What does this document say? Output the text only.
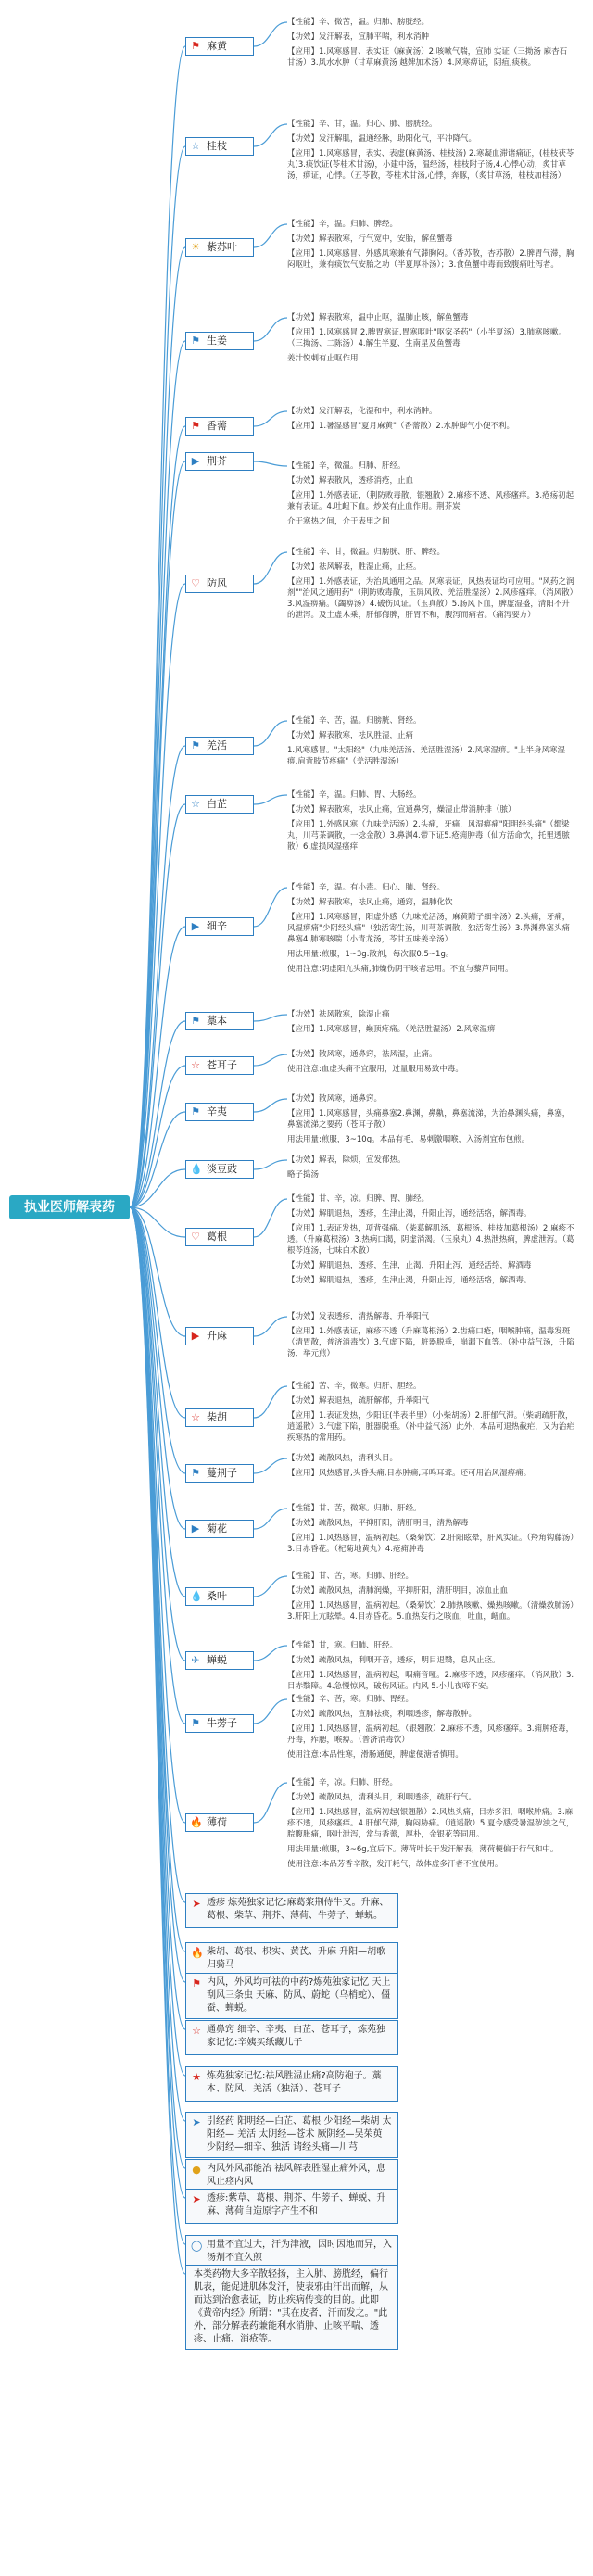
执业医师解表药
⚑ 麻黄

【性能】辛、微苦，温。归肺、膀胱经。

【功效】发汗解表，宣肺平喘，利水消肿

【应用】1.风寒感冒、表实证（麻黄汤）2.咳嗽气喘，宣肺 实证（三拗汤 麻杏石甘汤）3.风水水肿（甘草麻黄汤 越婢加术汤）4.风寒痹证，阴疽,痰核。

☆ 桂枝

【性能】辛、甘，温。归心、肺、膀胱经。

【功效】发汗解肌，温通经脉，助阳化气，平冲降气。

【应用】1.风寒感冒，表实、表虚(麻黄汤、桂枝汤) 2.寒凝血滞诸痛证，(桂枝茯苓丸)3.痰饮证(苓桂术甘汤)，小建中汤，温经汤，桂枝附子汤,4.心悸心动，炙甘草汤，痹证，心悸。（五苓散，苓桂术甘汤,心悸，奔豚，（炙甘草汤，桂枝加桂汤）

☀ 紫苏叶

【性能】辛，温。归肺、脾经。

【功效】解表散寒，行气宽中，安胎，解鱼蟹毒

【应用】1.风寒感冒、外感风寒兼有气滞胸闷。（香苏散，杏苏散）2.脾胃气滞，胸闷呕吐，兼有痰饮气安胎之功（半夏厚朴汤）；3.食鱼蟹中毒而致腹痛吐泻者。

⚑ 生姜

【功效】解表散寒，温中止呕，温肺止咳，解鱼蟹毒

【应用】1.风寒感冒 2.脾胃寒证,胃寒呕吐"呕家圣药"（小半夏汤）3.肺寒咳嗽。（三拗汤、二陈汤）4.解生半夏、生南星及鱼蟹毒

姜汁悦刺有止呕作用

⚑ 香薷

【功效】发汗解表，化湿和中，利水消肿。

【应用】1.暑湿感冒"夏月麻黄"（香薷散）2.水肿脚气小便不利。

▶ 荆芥	【性能】辛，微温。归肺、肝经。

【功效】解表散风，透疹消疮，止血

【应用】1.外感表证，（荆防败毒散、银翘散）2.麻疹不透、风疹瘙痒。3.疮疡初起兼有表证。4.吐衄下血。炒炭有止血作用。荆芥炭

介于寒热之间，介于表里之间

♡ 防风

【性能】辛、甘，微温。归膀胱、肝、脾经。

【功效】祛风解表，胜湿止痛，止痉。

【应用】1.外感表证，为治风通用之品。风寒表证，风热表证均可应用。"风药之润剂""治风之通用药"（荆防败毒散，玉屏风散、羌活胜湿汤）2.风疹瘙痒。（消风散）3.风湿痹痛。（蠲痹汤）4.破伤风证。（玉真散）5.肠风下血，脾虚湿盛，清阳不升的泄泻。及土虚木乘，肝郁侮脾，肝胃不和，腹泻而痛者。（痛泻要方）

⚑ 羌活

【性能】辛、苦，温。归膀胱、肾经。

【功效】解表散寒，祛风胜湿，止痛

1.风寒感冒。"太阳经"（九味羌活汤、羌活胜湿汤）2.风寒湿痹。"上半身风寒湿痹,肩背肢节疼痛"（羌活胜湿汤）

☆ 白芷

【性能】辛，温。归肺、胃、大肠经。

【功效】解表散寒，祛风止痛，宣通鼻窍，燥湿止带消肿排（脓）

【应用】1.外感风寒（九味羌活汤）2.头痛，牙痛，风湿痹痛"阳明经头痛"（都梁丸，川芎茶调散，一捻金散）3.鼻渊4.带下证5.疮痈肿毒（仙方活命饮，托里透脓散）6.虚损风湿瘙痒

▶ 细辛

【性能】辛，温。有小毒。归心、肺、肾经。

【功效】解表散寒，祛风止痛，通窍，温肺化饮

【应用】1.风寒感冒，阳虚外感（九味羌活汤，麻黄附子细辛汤）2.头痛，牙痛，风湿痹痛"少阴经头痛"（独活寄生汤，川芎茶调散，独活寄生汤）3.鼻渊鼻塞头痛鼻塞4.肺寒咳喘（小青龙汤，苓甘五味姜辛汤）

用法用量:煎服，1~3g.散剂，每次服0.5~1g。

使用注意:阴虚阳亢头痛,肺燥伤阴干咳者忌用。不宜与藜芦同用。

⚑ 藁本	【功效】祛风散寒，除湿止痛

【应用】1.风寒感冒，巅顶疼痛。（羌活胜湿汤）2.风寒湿痹

☆ 苍耳子

【功效】散风寒，通鼻窍，祛风湿，止痛。

使用注意:血虚头痛不宜服用，过量服用易致中毒。

⚑ 辛夷

【功效】散风寒，通鼻窍。

【应用】1.风寒感冒，头痛鼻塞2.鼻渊，鼻鼽，鼻塞流涕，为治鼻渊头痛，鼻塞，鼻塞流涕之要药（苍耳子散）

用法用量:煎服，3~10g。本品有毛，易刺激咽喉，入汤剂宜布包煎。

💧 淡豆豉

【功效】解表，除烦，宣发郁热。

略子捣汤

♡ 葛根

【性能】甘、辛，凉。归脾、胃、肺经。

【功效】解肌退热，透疹，生津止渴，升阳止泻，通经活络，解酒毒。

【应用】1.表证发热，项背强痛。（柴葛解肌汤、葛根汤、桂枝加葛根汤）2.麻疹不透。（升麻葛根汤）3.热病口渴，阴虚消渴。（玉泉丸）4.热泄热痢，脾虚泄泻。（葛根芩连汤，七味白术散）

【功效】解肌退热，透疹，生津，止渴，升阳止泻，通经活络，解酒毒

【功效】解肌退热，透疹，生津止渴，升阳止泻，通经活络，解酒毒。

▶ 升麻

【功效】发表透疹，清热解毒，升举阳气

【应用】1.外感表证，麻疹不透（升麻葛根汤）2.齿痛口疮，咽喉肿痛，温毒发斑（清胃散，普济消毒饮）3.气虚下陷，脏器脱垂，崩漏下血等。（补中益气汤，升陷汤，举元煎）

☆ 柴胡

【性能】苦、辛，微寒。归肝、胆经。

【功效】解表退热，疏肝解郁，升举阳气

【应用】1.表证发热，少阳证(半表半里）（小柴胡汤）2.肝郁气滞。（柴胡疏肝散，逍遥散）3.气虚下陷，脏器脱垂。（补中益气汤）此外，本品可退热截疟，又为治疟疾寒热的常用药。

⚑ 蔓荆子

【功效】疏散风热，清利头目。

【应用】风热感冒,头昏头痛,目赤肿痛,耳鸣耳聋。还可用治风湿痹痛。

▶ 菊花

【性能】甘、苦，微寒。归肺、肝经。

【功效】疏散风热，平抑肝阳，清肝明目，清热解毒

【应用】1.风热感冒，温病初起。（桑菊饮）2.肝阳眩晕，肝风实证。（羚角钩藤汤）3.目赤昏花。（杞菊地黄丸）4.疮痈肿毒

💧 桑叶

【性能】甘、苦，寒。归肺、肝经。

【功效】疏散风热，清肺润燥，平抑肝阳，清肝明目，凉血止血

【应用】1.风热感冒，温病初起。（桑菊饮）2.肺热咳嗽、燥热咳嗽。（清燥救肺汤）3.肝阳上亢眩晕。4.目赤昏花。5.血热妄行之咳血，吐血，衄血。

✈ 蝉蜕

【性能】甘，寒。归肺、肝经。

【功效】疏散风热，利咽开音，透疹，明目退翳，息风止痉。

【应用】1.风热感冒，温病初起，咽痛音哑。2.麻疹不透，风疹瘙痒。（消风散）3.目赤翳障。4.急慢惊风，破伤风证。内风 5.小儿夜啼不安。

⚑ 牛蒡子

【性能】辛、苦，寒。归肺、胃经。

【功效】疏散风热，宣肺祛痰，利咽透疹，解毒散肿。

【应用】1.风热感冒，温病初起。（银翘散）2.麻疹不透，风疹瘙痒。3.痈肿疮毒，丹毒，痄腮，喉痹。（普济消毒饮）

使用注意:本品性寒，滑肠通便，脾虚便溏者慎用。

🔥 薄荷

【性能】辛，凉。归肺、肝经。

【功效】疏散风热，清利头目，利咽透疹，疏肝行气。

【应用】1.风热感冒，温病初起(银翘散）2.风热头痛，目赤多泪，咽喉肿痛。3.麻疹不透，风疹瘙痒。4.肝郁气滞，胸闷胁痛。（逍遥散）5.夏令感受暑湿秽浊之气，脘腹胀痛，呕吐泄泻，常与香薷，厚朴，金银花等同用。

用法用量:煎服，3~6g,宜后下。薄荷叶长于发汗解表，薄荷梗偏于行气和中。

使用注意:本品芳香辛散，发汗耗气，故体虚多汗者不宜使用。

➤ 透疹 炼苑独家记忆:麻葛浆荆侍牛又。升麻、葛根、柴草、荆芥、薄荷、牛蒡子、蝉蜕。
🔥 柴胡、葛根、枳实、黄芪、升麻 升阳—胡歌归骑马
⚑ 内风，外风均可祛的中药?炼苑独家记忆 天上刮风三条虫 天麻、防风、蔚蛇（乌梢蛇）、僵蚕、蝉蜕。
☆ 通鼻窍 细辛、辛夷、白芷、苍耳子，炼苑独家记忆:辛姨买纸藏儿子
★ 炼苑独家记忆:祛风胜湿止痛?高防袍子。藁本、防风、羌活（独活）、苍耳子
➤ 引经药 阳明经—白芷、葛根 少阳经—柴胡 太阳经— 羌活 太阴经—苍术 厥阴经—吴茱萸 少阴经—细辛、独活 请经头痛—川芎
● 内风外风都能治 祛风解表胜湿止痛外风，息风止痉内风
➤ 透疹:紫草、葛根、荆芥、牛蒡子、蝉蜕、升麻、薄荷自造原字产生不和
◯ 用量不宜过大，汗为津液，因时因地而异，入汤剂不宜久煎
本类药物大多辛散轻扬，主入肺、膀胱经，偏行肌表，能促进肌体发汗，使表邪由汗出而解，从而达到治愈表证，防止疾病传变的目的。此即《黄帝内经》所谓："其在皮者，汗而发之。"此外，部分解表药兼能利水消肿、止咳平喘、透疹、止痛、消疮等。
